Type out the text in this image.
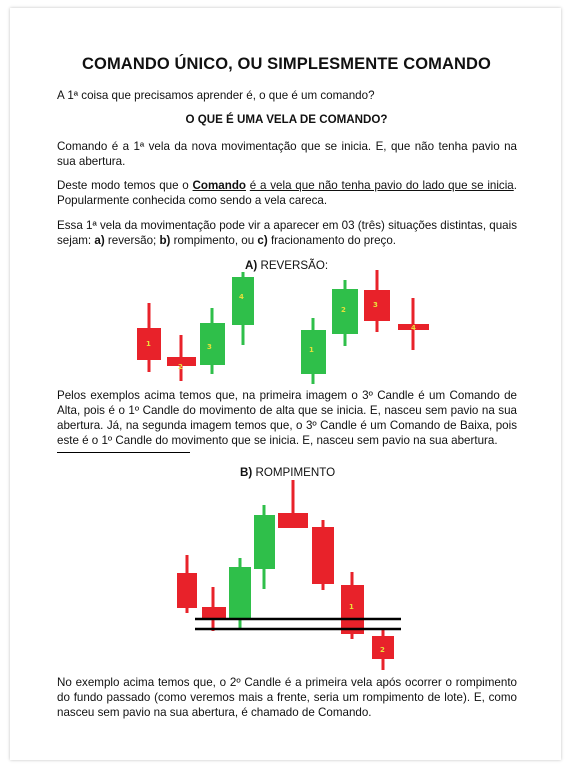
COMANDO ÚNICO, OU SIMPLESMENTE COMANDO
A 1ª coisa que precisamos aprender é, o que é um comando?
O QUE É UMA VELA DE COMANDO?
Comando é a 1ª vela da nova movimentação que se inicia. E, que não tenha pavio na sua abertura.
Deste modo temos que o Comando é a vela que não tenha pavio do lado que se inicia. Popularmente conhecida como sendo a vela careca.
Essa 1ª vela da movimentação pode vir a aparecer em 03 (três) situações distintas, quais sejam: a) reversão; b) rompimento, ou c) fracionamento do preço.
A) REVERSÃO:
1
2
3
4
1
2
3
4
Pelos exemplos acima temos que, na primeira imagem o 3º Candle é um Comando de Alta, pois é o 1º Candle do movimento de alta que se inicia. E, nasceu sem pavio na sua abertura. Já, na segunda imagem temos que, o 3º Candle é um Comando de Baixa, pois este é o 1º Candle do movimento que se inicia. E, nasceu sem pavio na sua abertura.
B) ROMPIMENTO
1
2
No exemplo acima temos que, o 2º Candle é a primeira vela após ocorrer o rompimento do fundo passado (como veremos mais a frente, seria um rompimento de lote). E, como nasceu sem pavio na sua abertura, é chamado de Comando.
